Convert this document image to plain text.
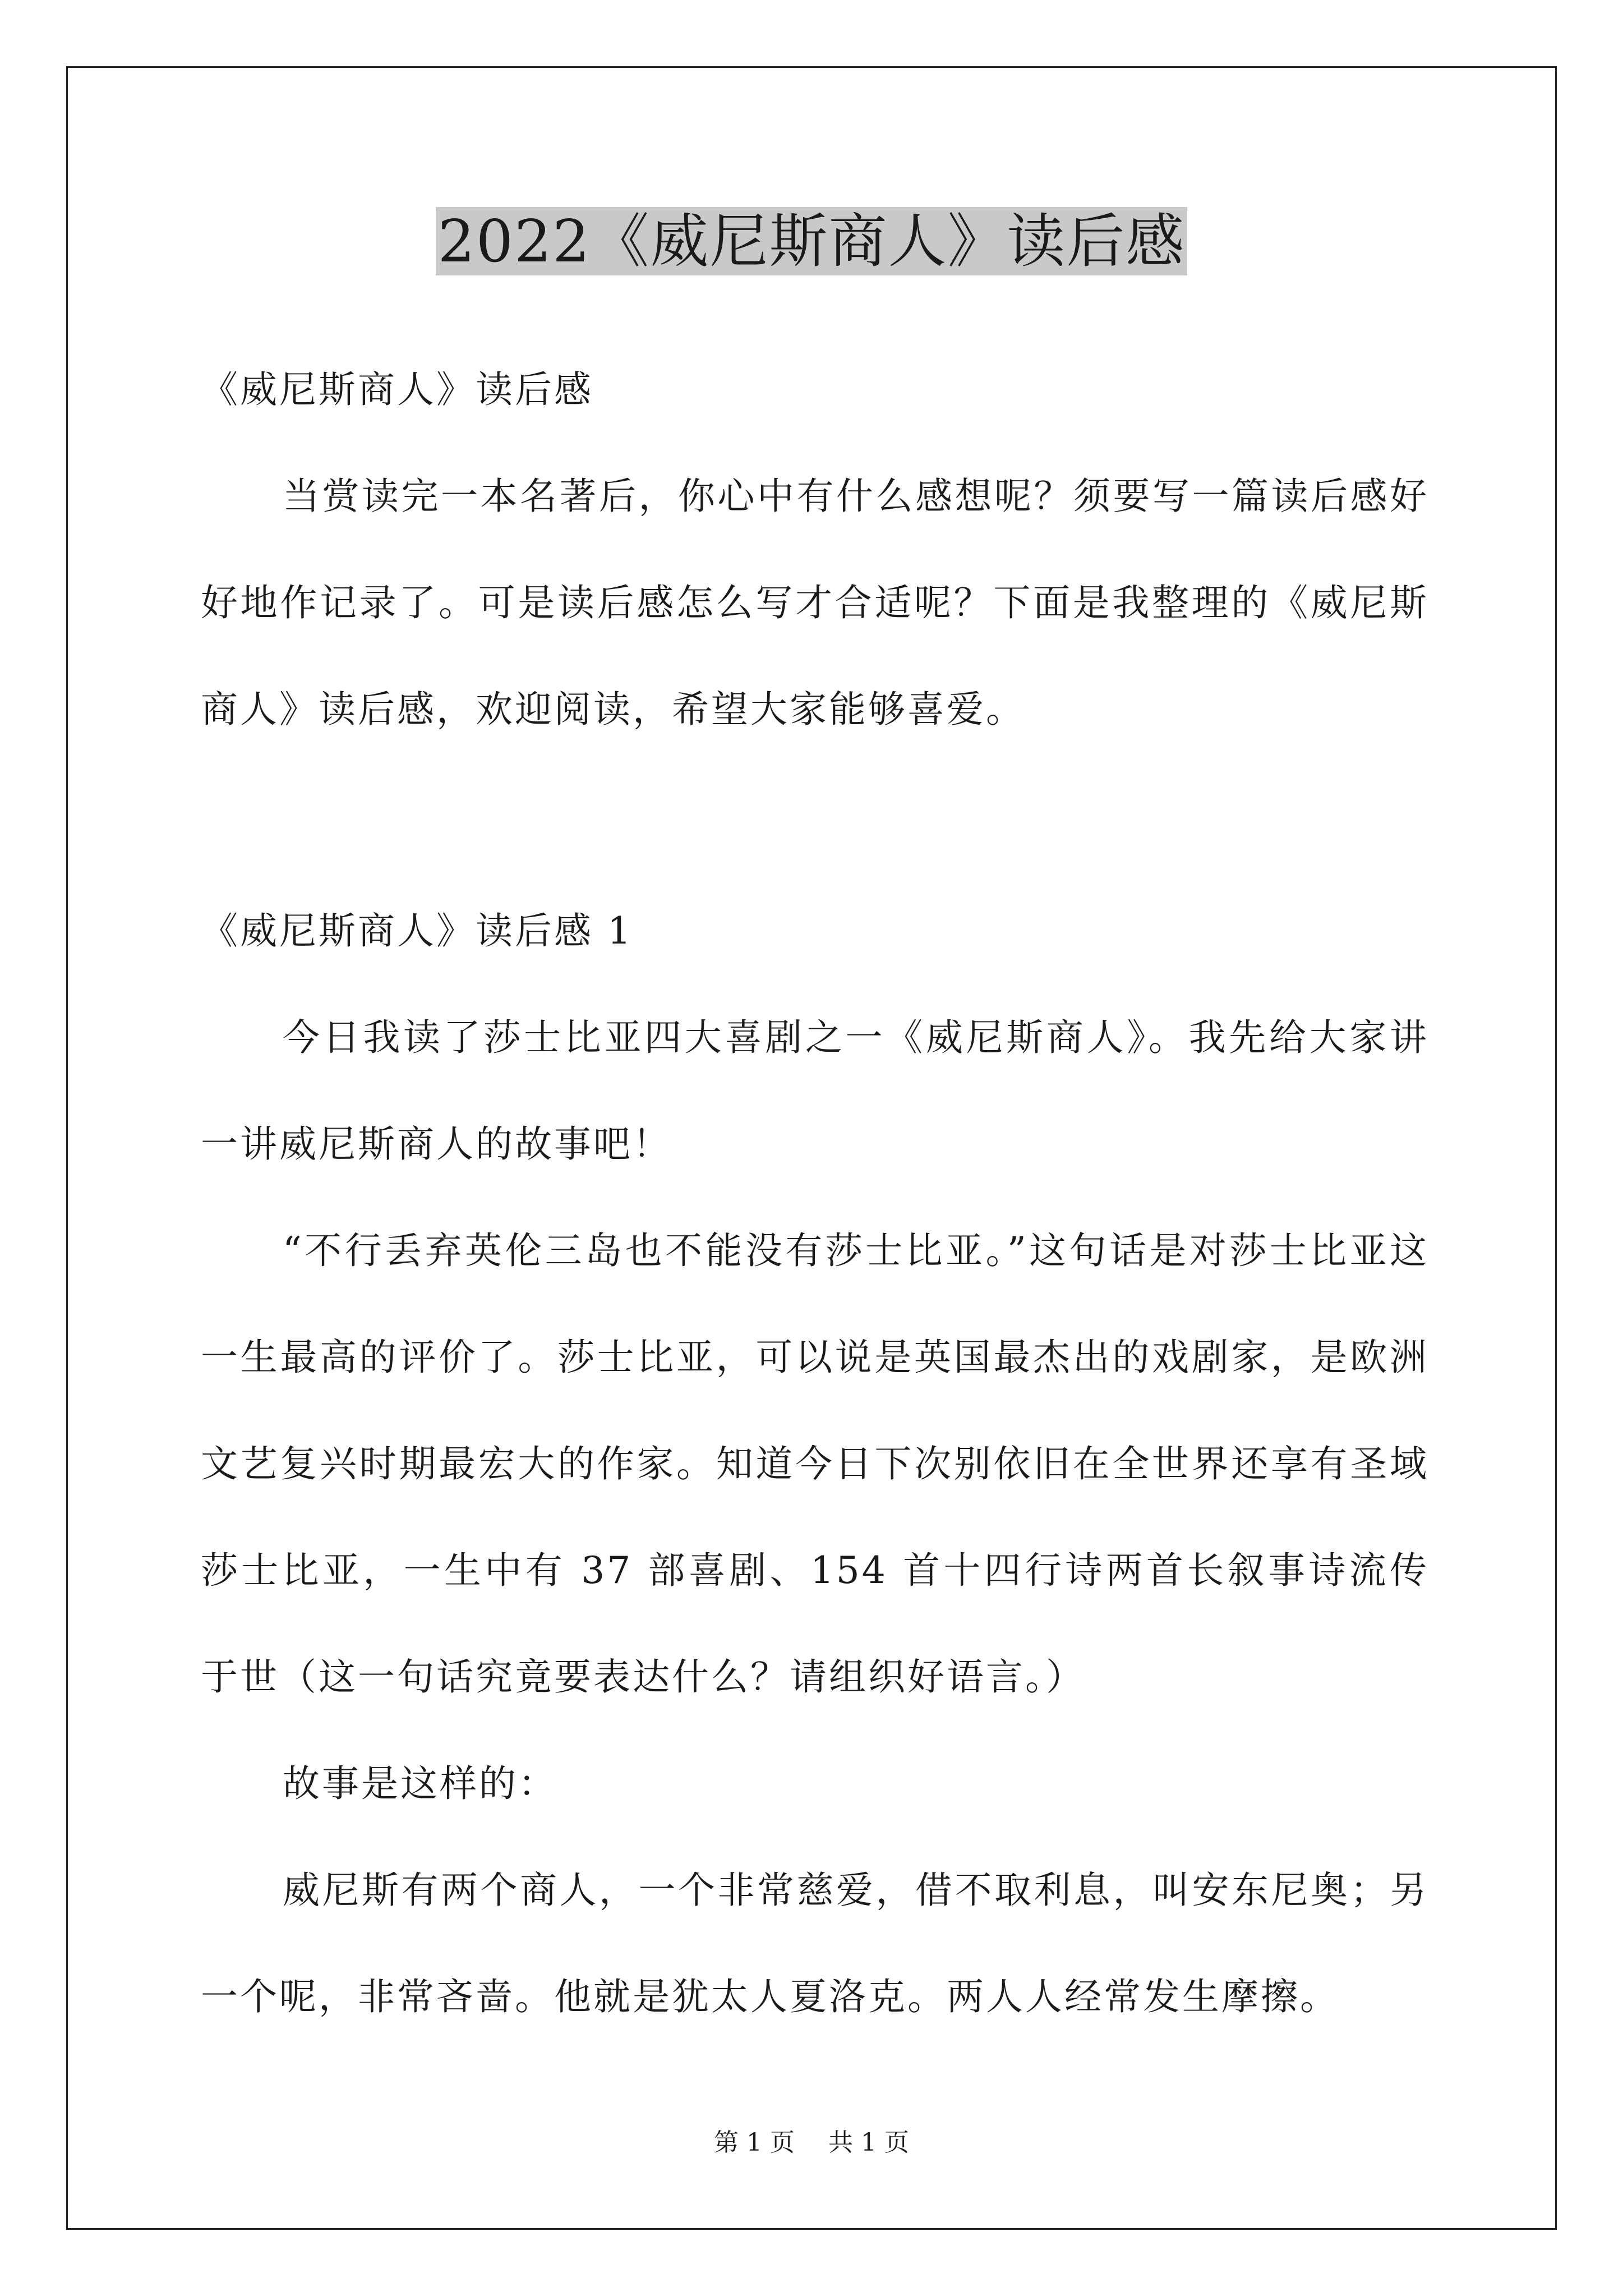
2022《威尼斯商人》读后感
《威尼斯商人》读后感

当赏读完一本名著后，你心中有什么感想呢？须要写一篇读后感好好地作记录了。可是读后感怎么写才合适呢？下面是我整理的《威尼斯商人》读后感，欢迎阅读，希望大家能够喜爱。

《威尼斯商人》读后感 1

今日我读了莎士比亚四大喜剧之一《威尼斯商人》。我先给大家讲一讲威尼斯商人的故事吧！

“不行丢弃英伦三岛也不能没有莎士比亚。”这句话是对莎士比亚这一生最高的评价了。莎士比亚，可以说是英国最杰出的戏剧家，是欧洲文艺复兴时期最宏大的作家。知道今日下次别依旧在全世界还享有圣域莎士比亚，一生中有 37 部喜剧、154 首十四行诗两首长叙事诗流传于世（这一句话究竟要表达什么？请组织好语言。）

故事是这样的：

威尼斯有两个商人，一个非常慈爱，借不取利息，叫安东尼奥；另一个呢，非常吝啬。他就是犹太人夏洛克。两人人经常发生摩擦。

第 1 页 共 1 页
